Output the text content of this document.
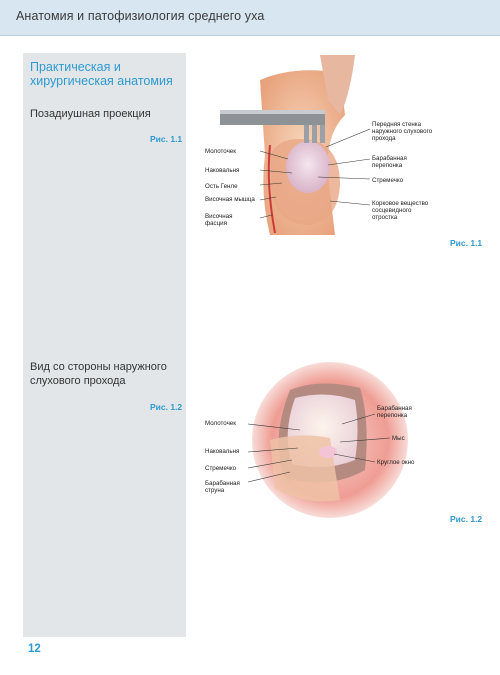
Анатомия и патофизиология среднего уха
Практическая и хирургическая анатомия
Позадиушная проекция
Рис. 1.1
Вид со стороны наружного слухового прохода
Рис. 1.2
Молоточек
Наковальня
Ость Генле
Височная мышца
Височная фасция
Передняя стенка наружного слухового прохода
Барабанная перепонка
Стремечко
Корковое вещество сосцевидного отростка
Рис. 1.1
Молоточек
Наковальня
Стремечко
Барабанная струна
Барабанная перепонка
Мыс
Круглое окно
Рис. 1.2
12
